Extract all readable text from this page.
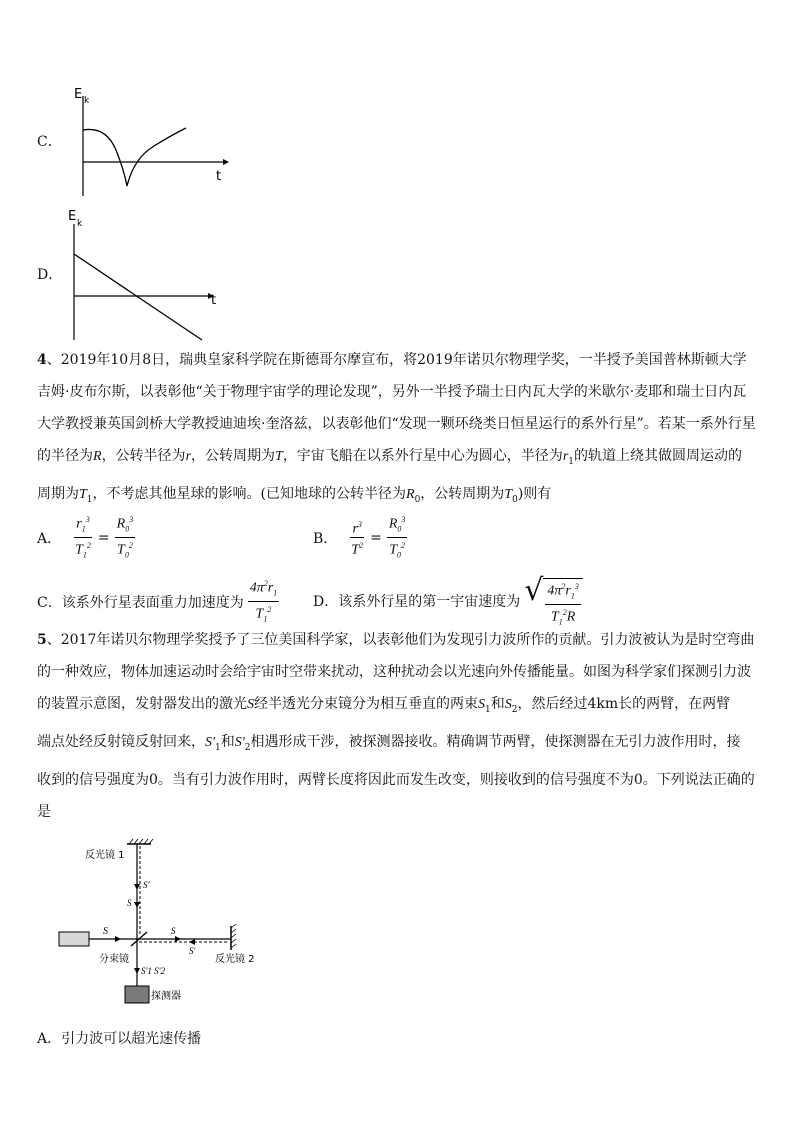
C．
E k
t
D．
E k
t
4、2019年10月8日，瑞典皇家科学院在斯德哥尔摩宣布，将2019年诺贝尔物理学奖，一半授予美国普林斯顿大学
吉姆·皮布尔斯，以表彰他“关于物理宇宙学的理论发现”，另外一半授予瑞士日内瓦大学的米歇尔·麦耶和瑞士日内瓦
大学教授兼英国剑桥大学教授迪迪埃·奎洛兹，以表彰他们“发现一颗环绕类日恒星运行的系外行星”。若某一系外行星
的半径为R，公转半径为r，公转周期为T，宇宙飞船在以系外行星中心为圆心，半径为$r_1$的轨道上绕其做圆周运动的
周期为$T_1$，不考虑其他星球的影响。(已知地球的公转半径为$R_0$，公转周期为$T_0$)则有
A． $\frac{r_1^3}{T_1^2} = \frac{R_0^3}{T_0^2}$	B． $\frac{r^3}{T^2} = \frac{R_0^3}{T_0^2}$
C．该系外行星表面重力加速度为 $\frac{4\pi^2r_1}{T_1^2}$ D．该系外行星的第一宇宙速度为 √ $\frac{4\pi^2r_1^3}{T_1^2R}$
5、2017年诺贝尔物理学奖授予了三位美国科学家，以表彰他们为发现引力波所作的贡献。引力波被认为是时空弯曲
的一种效应，物体加速运动时会给宇宙时空带来扰动，这种扰动会以光速向外传播能量。如图为科学家们探测引力波
的装置示意图，发射器发出的激光S经半透光分束镜分为相互垂直的两束$S_1$和$S_2$，然后经过4km长的两臂，在两臂
端点处经反射镜反射回来，$S'_1$和$S'_2$相遇形成干涉，被探测器接收。精确调节两臂，使探测器在无引力波作用时，接
收到的信号强度为0。当有引力波作用时，两臂长度将因此而发生改变，则接收到的信号强度不为0。下列说法正确的
是
反光镜 1
S'
S
S
分束镜
S
S'
反光镜 2
S'1 S'2
探测器
A．引力波可以超光速传播
